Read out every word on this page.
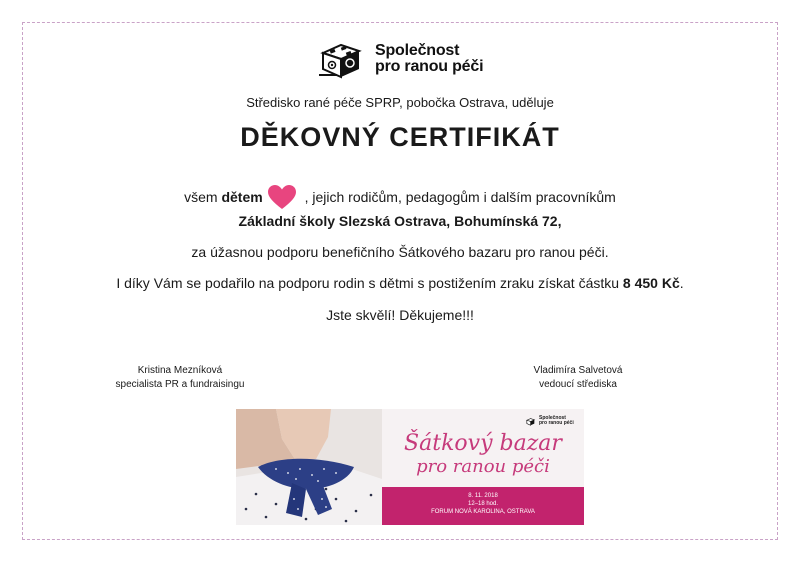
Společnost
pro ranou péči
Středisko rané péče SPRP, pobočka Ostrava, uděluje
DĚKOVNÝ CERTIFIKÁT
všem dětem	, jejich rodičům, pedagogům i dalším pracovníkům
Základní školy Slezská Ostrava, Bohumínská 72,
za úžasnou podporu benefičního Šátkového bazaru pro ranou péči.
I díky Vám se podařilo na podporu rodin s dětmi s postižením zraku získat částku 8 450 Kč.
Jste skvělí! Děkujeme!!!
Kristina Mezníková
specialista PR a fundraisingu
Vladimíra Salvetová
vedoucí střediska
Společnost
pro ranou péči
Šátkový bazar
pro ranou péči
8. 11. 2018
12–18 hod.
FORUM NOVÁ KAROLINA, OSTRAVA
